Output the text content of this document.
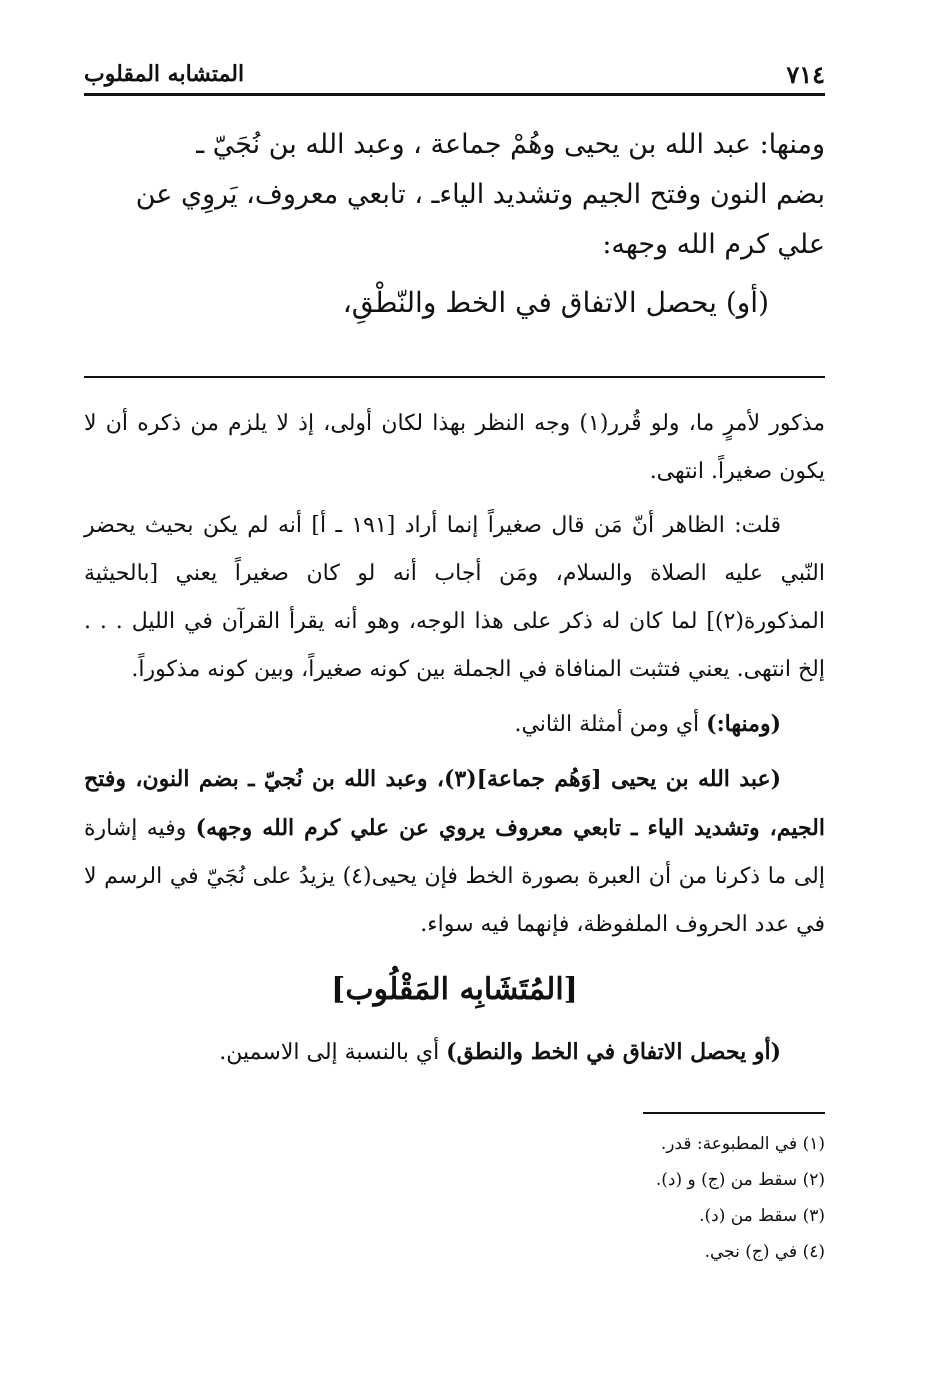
٧١٤
المتشابه المقلوب

ومنها: عبد الله بن يحيى وهُمْ جماعة ، وعبد الله بن نُجَيّ ـ

بضم النون وفتح الجيم وتشديد الياءـ ، تابعي معروف، يَروِي عن

علي كرم الله وجهه:

(أو) يحصل الاتفاق في الخط والنّطْقِ،

مذكور لأمرٍ ما، ولو قُرر(١) وجه النظر بهذا لكان أولى، إذ لا يلزم من ذكره أن لا يكون صغيراً. انتهى.

قلت: الظاهر أنّ مَن قال صغيراً إنما أراد [١٩١ ـ أ] أنه لم يكن بحيث يحضر النّبي عليه الصلاة والسلام، ومَن أجاب أنه لو كان صغيراً يعني [بالحيثية المذكورة(٢)] لما كان له ذكر على هذا الوجه، وهو أنه يقرأ القرآن في الليل . . . إلخ انتهى. يعني فتثبت المنافاة في الجملة بين كونه صغيراً، وبين كونه مذكوراً.

(ومنها:) أي ومن أمثلة الثاني.

(عبد الله بن يحيى [وَهُم جماعة](٣)، وعبد الله بن نُجيّ ـ بضم النون، وفتح الجيم، وتشديد الياء ـ تابعي معروف يروي عن علي كرم الله وجهه) وفيه إشارة إلى ما ذكرنا من أن العبرة بصورة الخط فإن يحيى(٤) يزيدُ على نُجَيّ في الرسم لا في عدد الحروف الملفوظة، فإنهما فيه سواء.

[المُتَشَابِه المَقْلُوب]
(أو يحصل الاتفاق في الخط والنطق) أي بالنسبة إلى الاسمين.
(١) في المطبوعة: قدر.
(٢) سقط من (ج) و (د).
(٣) سقط من (د).
(٤) في (ج) نجي.
